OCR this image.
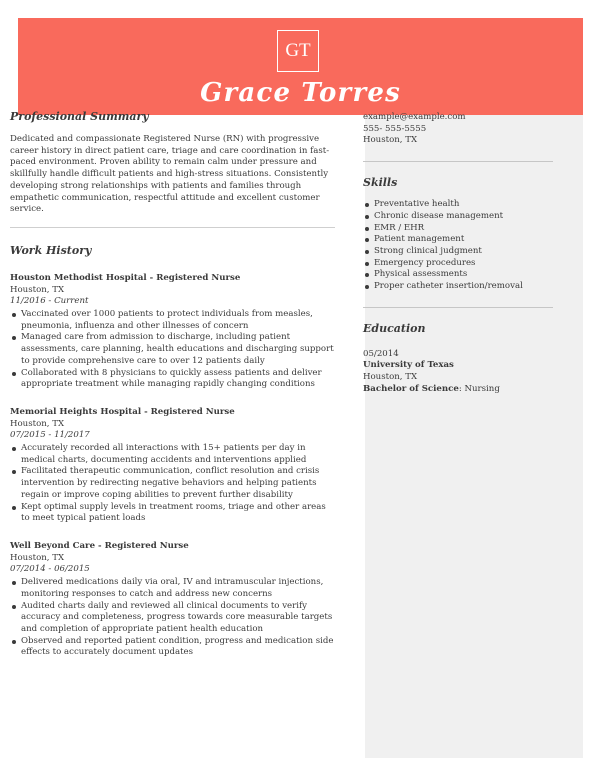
GT
Grace Torres
Professional Summary
Dedicated and compassionate Registered Nurse (RN) with progressive career history in direct patient care, triage and care coordination in fast-paced environment. Proven ability to remain calm under pressure and skillfully handle difficult patients and high-stress situations. Consistently developing strong relationships with patients and families through empathetic communication, respectful attitude and excellent customer service.
Work History
Houston Methodist Hospital - Registered Nurse
Houston, TX
11/2016 - Current
Vaccinated over 1000 patients to protect individuals from measles, pneumonia, influenza and other illnesses of concern
Managed care from admission to discharge, including patient assessments, care planning, health educations and discharging support to provide comprehensive care to over 12 patients daily
Collaborated with 8 physicians to quickly assess patients and deliver appropriate treatment while managing rapidly changing conditions
Memorial Heights Hospital - Registered Nurse
Houston, TX
07/2015 - 11/2017
Accurately recorded all interactions with 15+ patients per day in medical charts, documenting accidents and interventions applied
Facilitated therapeutic communication, conflict resolution and crisis intervention by redirecting negative behaviors and helping patients regain or improve coping abilities to prevent further disability
Kept optimal supply levels in treatment rooms, triage and other areas to meet typical patient loads
Well Beyond Care - Registered Nurse
Houston, TX
07/2014 - 06/2015
Delivered medications daily via oral, IV and intramuscular injections, monitoring responses to catch and address new concerns
Audited charts daily and reviewed all clinical documents to verify accuracy and completeness, progress towards core measurable targets and completion of appropriate patient health education
Observed and reported patient condition, progress and medication side effects to accurately document updates
example@example.com
555- 555-5555
Houston, TX
Skills
Preventative health
Chronic disease management
EMR / EHR
Patient management
Strong clinical judgment
Emergency procedures
Physical assessments
Proper catheter insertion/removal
Education
05/2014
University of Texas
Houston, TX
Bachelor of Science: Nursing
